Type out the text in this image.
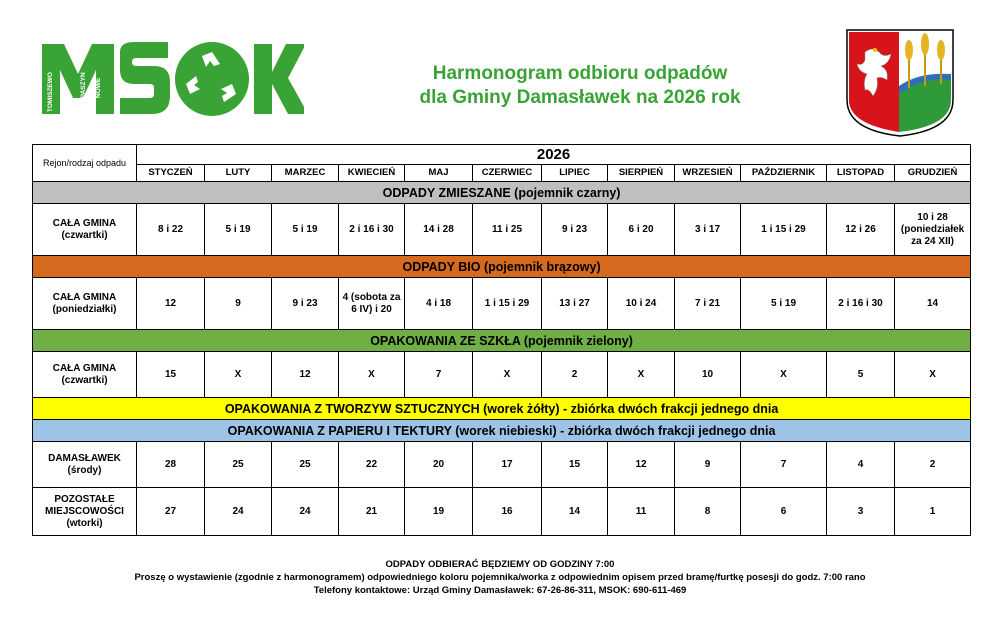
TOMISZEWO	KOPASZYN NOWE
Harmonogram odbioru odpadów
dla Gminy Damasławek na 2026 rok
Rejon/rodzaj odpadu	2026											
	STYCZEŃ	LUTY	MARZEC	KWIECIEŃ	MAJ	CZERWIEC	LIPIEC	SIERPIEŃ	WRZESIEŃ	PAŹDZIERNIK	LISTOPAD	GRUDZIEŃ
ODPADY ZMIESZANE (pojemnik czarny)												
CAŁA GMINA
(czwartki)	8 i 22	5 i 19	5 i 19	2 i 16 i 30	14 i 28	11 i 25	9 i 23	6 i 20	3 i 17	1 i 15 i 29	12 i 26	10 i 28 (poniedziałek za 24 XII)
ODPADY BIO (pojemnik brązowy)												
CAŁA GMINA
(poniedziałki)	12	9	9 i 23	4 (sobota za 6 IV) i 20	4 i 18	1 i 15 i 29	13 i 27	10 i 24	7 i 21	5 i 19	2 i 16 i 30	14
OPAKOWANIA ZE SZKŁA (pojemnik zielony)												
CAŁA GMINA
(czwartki)	15	X	12	X	7	X	2	X	10	X	5	X
OPAKOWANIA Z TWORZYW SZTUCZNYCH (worek żółty) - zbiórka dwóch frakcji jednego dnia												
OPAKOWANIA Z PAPIERU I TEKTURY (worek niebieski) - zbiórka dwóch frakcji jednego dnia												
DAMASŁAWEK
(środy)	28	25	25	22	20	17	15	12	9	7	4	2
POZOSTAŁE MIEJSCOWOŚCI
(wtorki)	27	24	24	21	19	16	14	11	8	6	3	1
ODPADY ODBIERAĆ BĘDZIEMY OD GODZINY 7:00
Proszę o wystawienie (zgodnie z harmonogramem) odpowiedniego koloru pojemnika/worka z odpowiednim opisem przed bramę/furtkę posesji do godz. 7:00 rano
Telefony kontaktowe: Urząd Gminy Damasławek: 67-26-86-311, MSOK: 690-611-469
